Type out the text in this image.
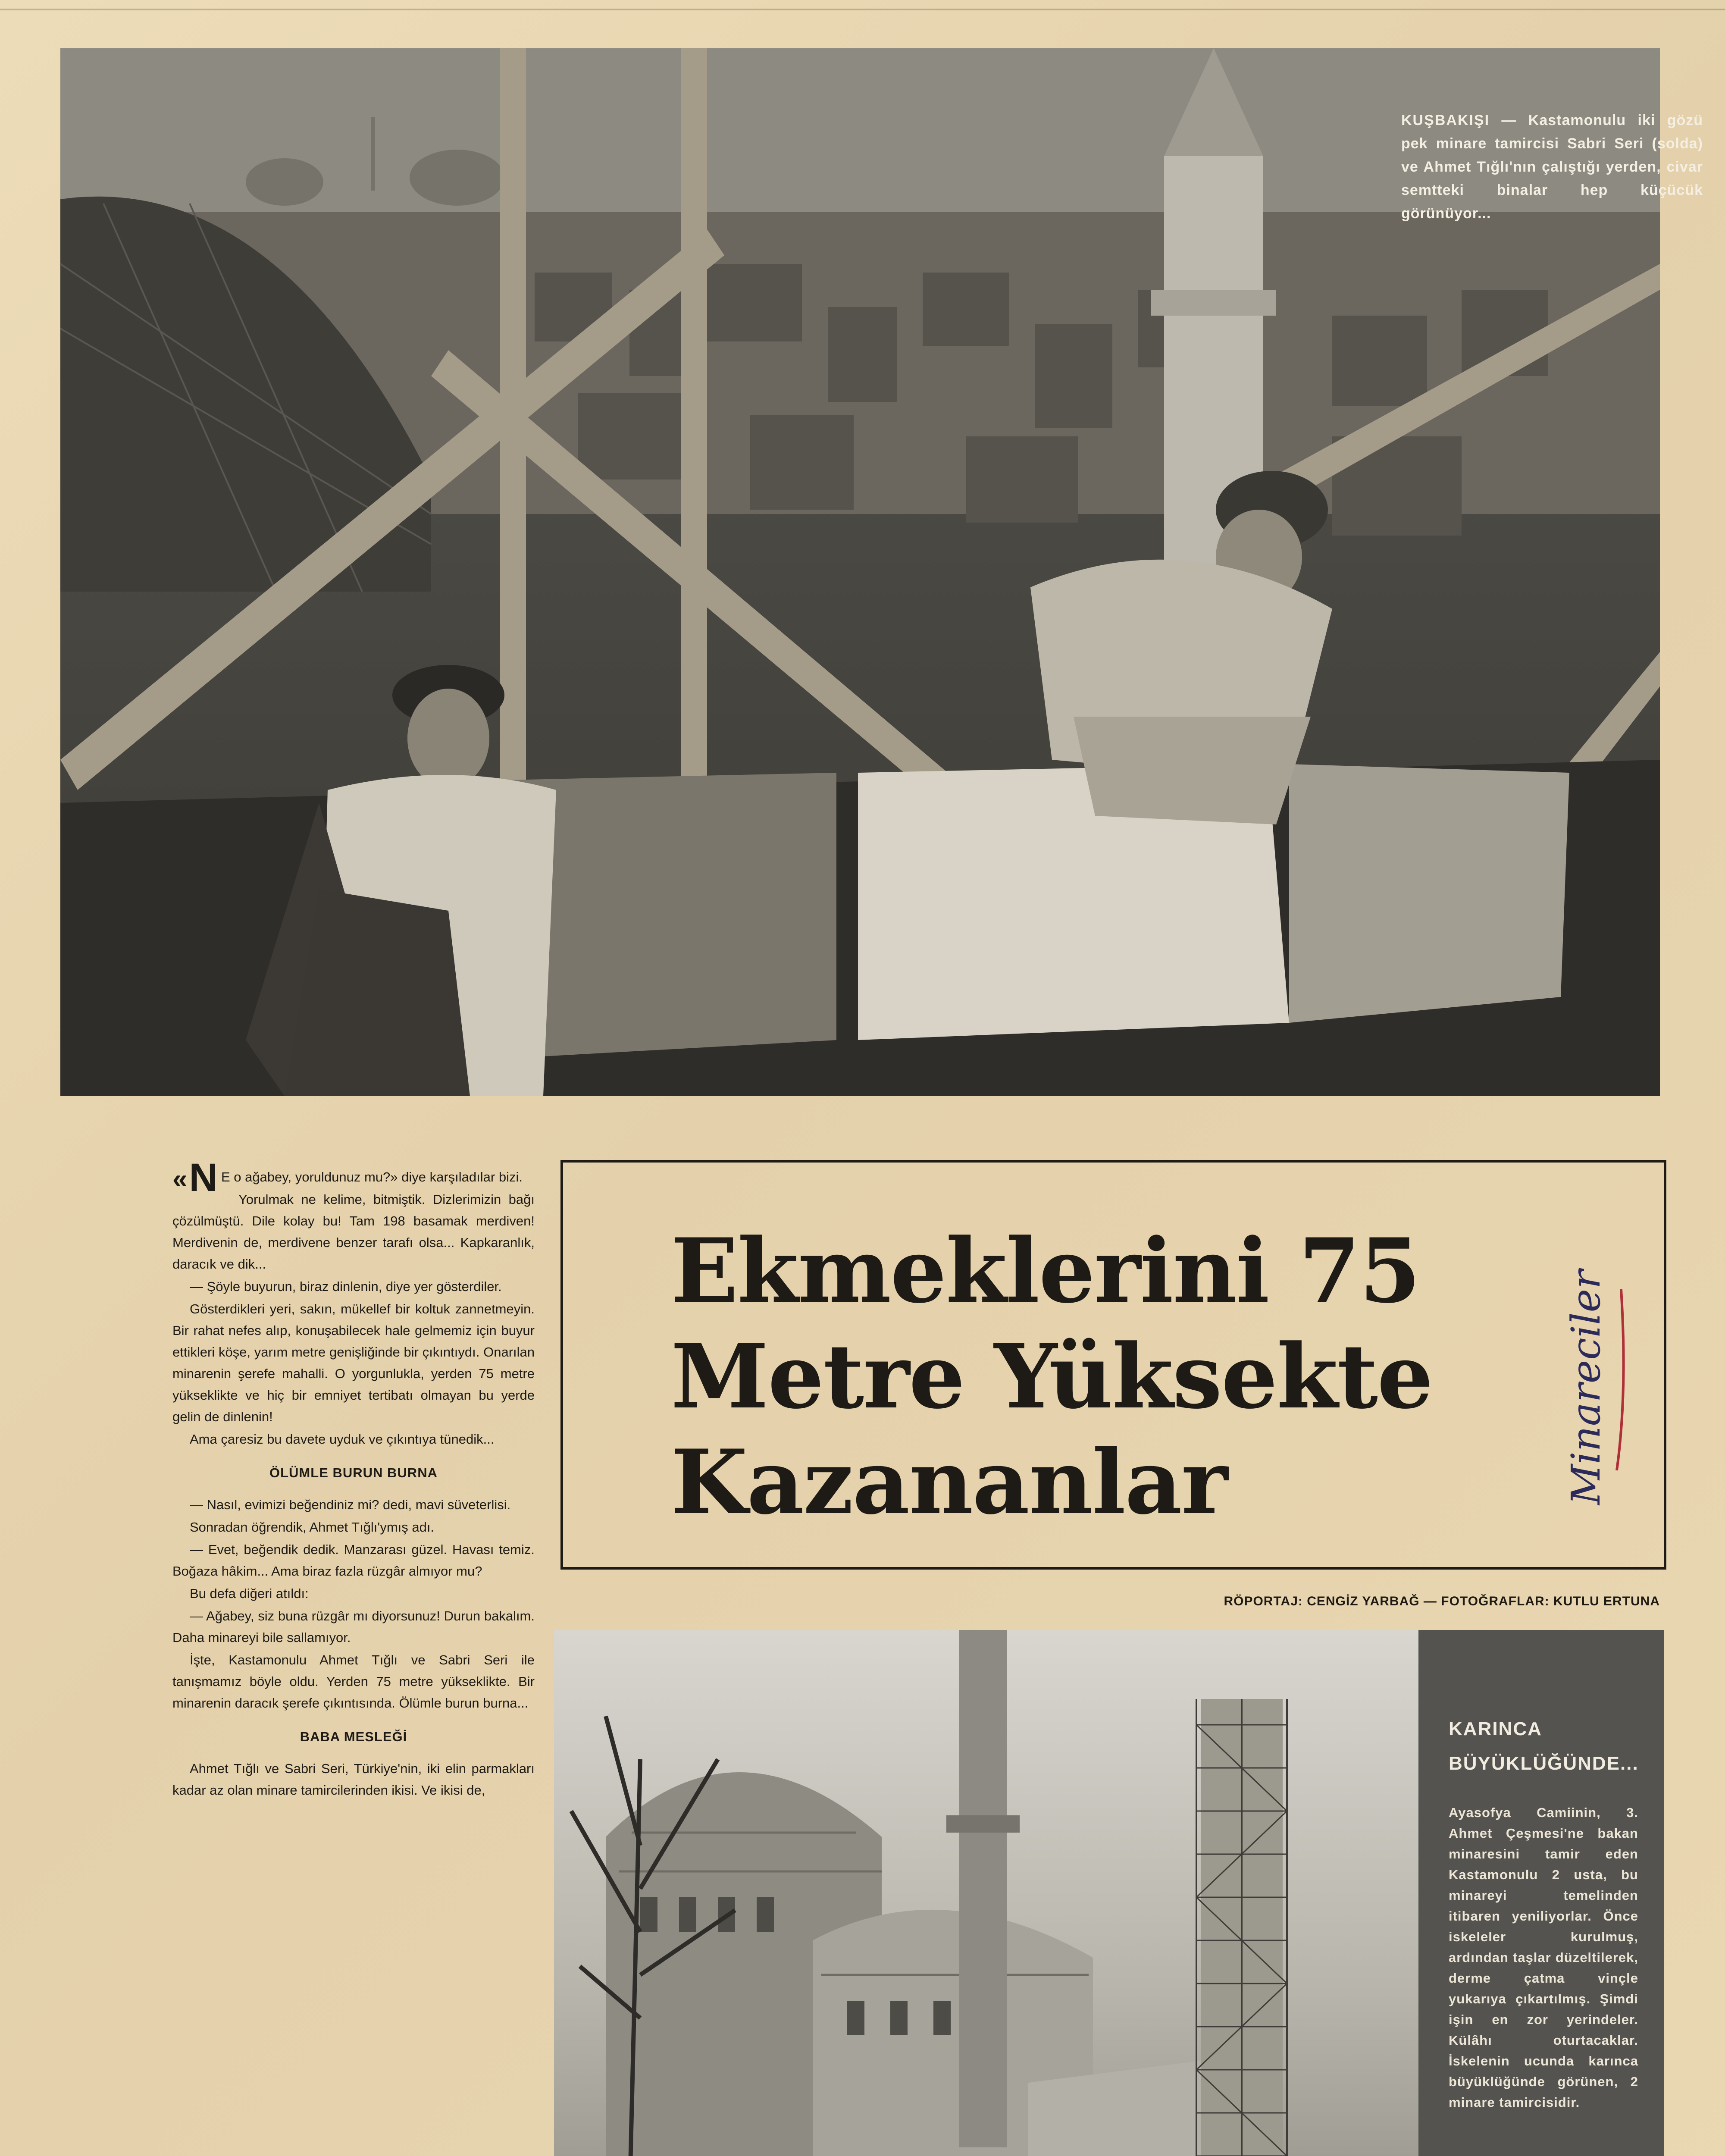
KUŞBAKIŞI — Kastamonulu iki gözü pek minare tamircisi Sabri Seri (solda) ve Ahmet Tığlı'nın çalıştığı yerden, civar semtteki binalar hep küçücük görünüyor...

« N E o ağabey, yoruldunuz mu?» diye karşıladılar bizi.

Yorulmak ne kelime, bitmiştik. Dizlerimizin bağı çözülmüştü. Dile kolay bu! Tam 198 basamak merdiven! Merdivenin de, merdivene benzer tarafı olsa... Kapkaranlık, daracık ve dik...

— Şöyle buyurun, biraz dinlenin, diye yer gösterdiler.

Gösterdikleri yeri, sakın, mükellef bir koltuk zannetmeyin. Bir rahat nefes alıp, konuşabilecek hale gelmemiz için buyur ettikleri köşe, yarım metre genişliğinde bir çıkıntıydı. Onarılan minarenin şerefe mahalli. O yorgunlukla, yerden 75 metre yükseklikte ve hiç bir emniyet tertibatı olmayan bu yerde gelin de dinlenin!

Ama çaresiz bu davete uyduk ve çıkıntıya tünedik...

ÖLÜMLE BURUN BURNA

— Nasıl, evimizi beğendiniz mi? dedi, mavi süveterlisi.

Sonradan öğrendik, Ahmet Tığlı'ymış adı.

— Evet, beğendik dedik. Manzarası güzel. Havası temiz. Boğaza hâkim... Ama biraz fazla rüzgâr almıyor mu?

Bu defa diğeri atıldı:

— Ağabey, siz buna rüzgâr mı diyorsunuz! Durun bakalım. Daha minareyi bile sallamıyor.

İşte, Kastamonulu Ahmet Tığlı ve Sabri Seri ile tanışmamız böyle oldu. Yerden 75 metre yükseklikte. Bir minarenin daracık şerefe çıkıntısında. Ölümle burun burna...

BABA MESLEĞİ

Ahmet Tığlı ve Sabri Seri, Türkiye'nin, iki elin parmakları kadar az olan minare tamircilerinden ikisi. Ve ikisi de,

Ekmeklerini 75
Metre Yüksekte
Kazananlar	Minareciler
RÖPORTAJ: CENGİZ YARBAĞ — FOTOĞRAFLAR: KUTLU ERTUNA
KARINCA
BÜYÜKLÜĞÜNDE...
Ayasofya Camiinin, 3. Ahmet Çeşmesi'ne bakan minaresini tamir eden Kastamonulu 2 usta, bu minareyi temelinden itibaren yeniliyorlar. Önce iskeleler kurulmuş, ardından taşlar düzeltilerek, derme çatma vinçle yukarıya çıkartılmış. Şimdi işin en zor yerindeler. Külâhı oturtacaklar. İskelenin ucunda karınca büyüklüğünde görünen, 2 minare tamircisidir.
